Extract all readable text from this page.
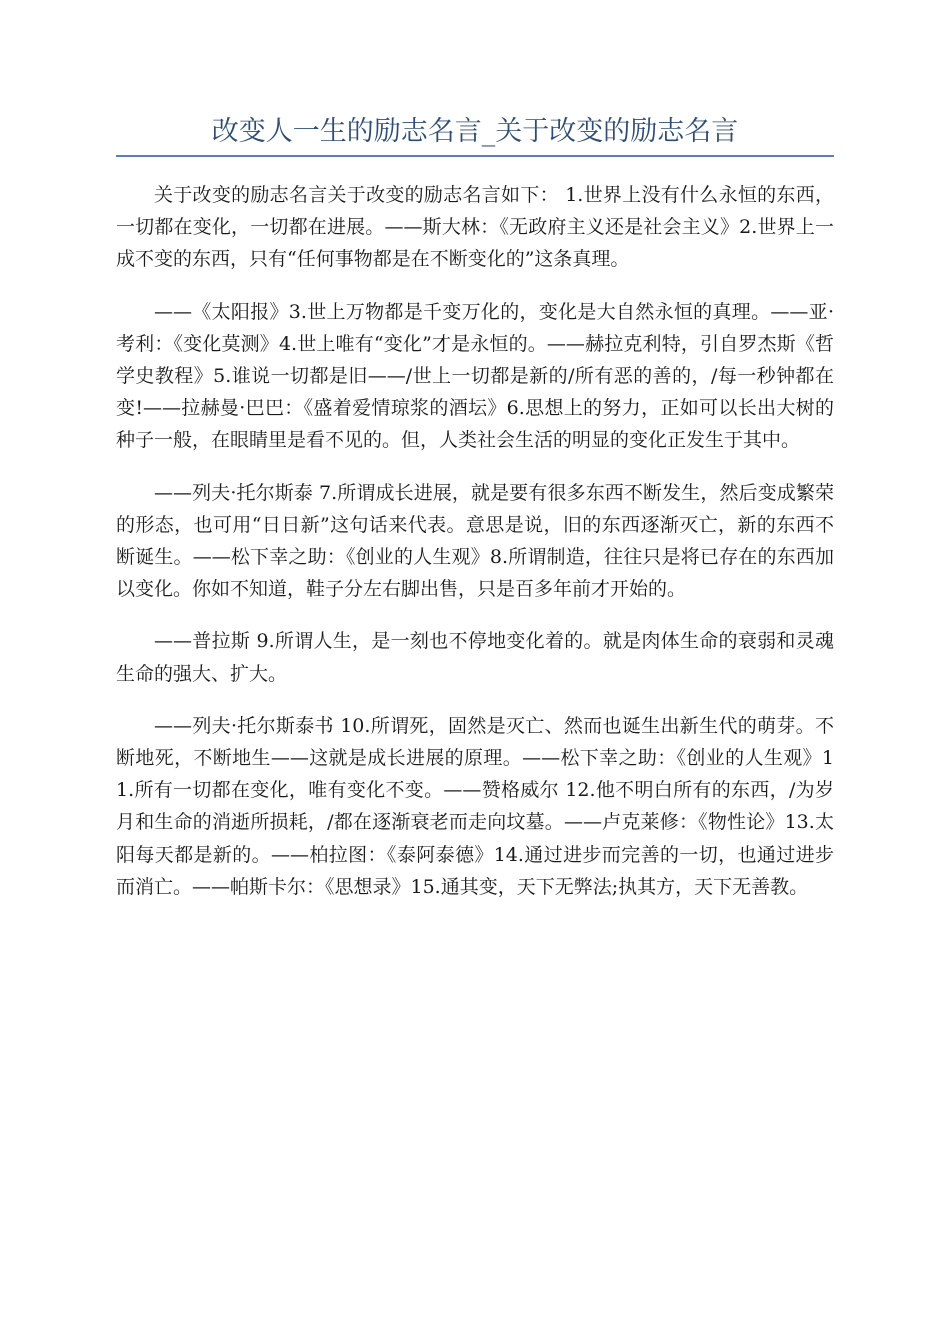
改变人一生的励志名言_关于改变的励志名言

关于改变的励志名言关于改变的励志名言如下： 1.世界上没有什么永恒的东西，一切都在变化，一切都在进展。——斯大林：《无政府主义还是社会主义》2.世界上一成不变的东西，只有“任何事物都是在不断变化的”这条真理。

——《太阳报》3.世上万物都是千变万化的，变化是大自然永恒的真理。——亚·考利：《变化莫测》4.世上唯有“变化”才是永恒的。——赫拉克利特，引自罗杰斯《哲学史教程》5.谁说一切都是旧——/世上一切都是新的/所有恶的善的，/每一秒钟都在变!——拉赫曼·巴巴：《盛着爱情琼浆的酒坛》6.思想上的努力，正如可以长出大树的种子一般，在眼睛里是看不见的。但，人类社会生活的明显的变化正发生于其中。

——列夫·托尔斯泰 7.所谓成长进展，就是要有很多东西不断发生，然后变成繁荣的形态，也可用“日日新”这句话来代表。意思是说，旧的东西逐渐灭亡，新的东西不断诞生。——松下幸之助：《创业的人生观》8.所谓制造，往往只是将已存在的东西加以变化。你如不知道，鞋子分左右脚出售，只是百多年前才开始的。

——普拉斯 9.所谓人生，是一刻也不停地变化着的。就是肉体生命的衰弱和灵魂生命的强大、扩大。

——列夫·托尔斯泰书 10.所谓死，固然是灭亡、然而也诞生出新生代的萌芽。不断地死，不断地生——这就是成长进展的原理。——松下幸之助：《创业的人生观》11.所有一切都在变化，唯有变化不变。——赞格威尔 12.他不明白所有的东西，/为岁月和生命的消逝所损耗，/都在逐渐衰老而走向坟墓。——卢克莱修：《物性论》13.太阳每天都是新的。——柏拉图：《泰阿泰德》14.通过进步而完善的一切，也通过进步而消亡。——帕斯卡尔：《思想录》15.通其变，天下无弊法;执其方，天下无善教。
